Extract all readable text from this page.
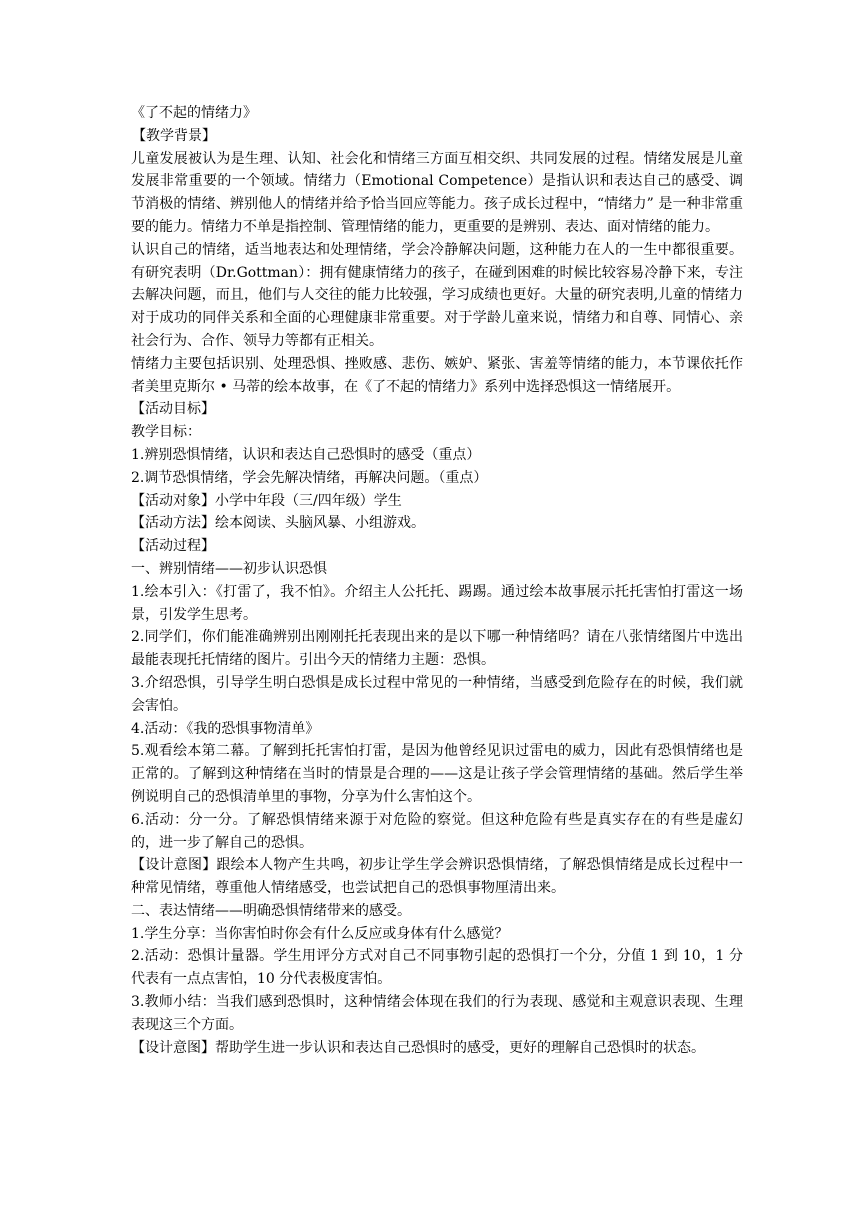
《了不起的情绪力》
【教学背景】
儿童发展被认为是生理、认知、社会化和情绪三方面互相交织、共同发展的过程。情绪发展是儿童发展非常重要的一个领域。情绪力（Emotional Competence）是指认识和表达自己的感受、调节消极的情绪、辨别他人的情绪并给予恰当回应等能力。孩子成长过程中，“情绪力” 是一种非常重要的能力。情绪力不单是指控制、管理情绪的能力，更重要的是辨别、表达、面对情绪的能力。
认识自己的情绪，适当地表达和处理情绪，学会冷静解决问题，这种能力在人的一生中都很重要。有研究表明（Dr.Gottman）：拥有健康情绪力的孩子，在碰到困难的时候比较容易冷静下来，专注去解决问题，而且，他们与人交往的能力比较强，学习成绩也更好。大量的研究表明,儿童的情绪力对于成功的同伴关系和全面的心理健康非常重要。对于学龄儿童来说，情绪力和自尊、同情心、亲社会行为、合作、领导力等都有正相关。
情绪力主要包括识别、处理恐惧、挫败感、悲伤、嫉妒、紧张、害羞等情绪的能力，本节课依托作者美里克斯尔 • 马蒂的绘本故事，在《了不起的情绪力》系列中选择恐惧这一情绪展开。
【活动目标】
教学目标：
1.辨别恐惧情绪，认识和表达自己恐惧时的感受（重点）
2.调节恐惧情绪，学会先解决情绪，再解决问题。（重点）
【活动对象】小学中年段（三/四年级）学生
【活动方法】绘本阅读、头脑风暴、小组游戏。
【活动过程】
一、辨别情绪——初步认识恐惧
1.绘本引入：《打雷了，我不怕》。介绍主人公托托、踢踢。通过绘本故事展示托托害怕打雷这一场景，引发学生思考。
2.同学们，你们能准确辨别出刚刚托托表现出来的是以下哪一种情绪吗？请在八张情绪图片中选出最能表现托托情绪的图片。引出今天的情绪力主题：恐惧。
3.介绍恐惧，引导学生明白恐惧是成长过程中常见的一种情绪，当感受到危险存在的时候，我们就会害怕。
4.活动：《我的恐惧事物清单》
5.观看绘本第二幕。了解到托托害怕打雷，是因为他曾经见识过雷电的威力，因此有恐惧情绪也是正常的。了解到这种情绪在当时的情景是合理的——这是让孩子学会管理情绪的基础。然后学生举例说明自己的恐惧清单里的事物，分享为什么害怕这个。
6.活动：分一分。了解恐惧情绪来源于对危险的察觉。但这种危险有些是真实存在的有些是虚幻的，进一步了解自己的恐惧。
【设计意图】跟绘本人物产生共鸣，初步让学生学会辨识恐惧情绪，了解恐惧情绪是成长过程中一种常见情绪，尊重他人情绪感受，也尝试把自己的恐惧事物厘清出来。
二、表达情绪——明确恐惧情绪带来的感受。
1.学生分享：当你害怕时你会有什么反应或身体有什么感觉？
2.活动：恐惧计量器。学生用评分方式对自己不同事物引起的恐惧打一个分，分值 1 到 10，1 分代表有一点点害怕，10 分代表极度害怕。
3.教师小结：当我们感到恐惧时，这种情绪会体现在我们的行为表现、感觉和主观意识表现、生理表现这三个方面。
【设计意图】帮助学生进一步认识和表达自己恐惧时的感受，更好的理解自己恐惧时的状态。
